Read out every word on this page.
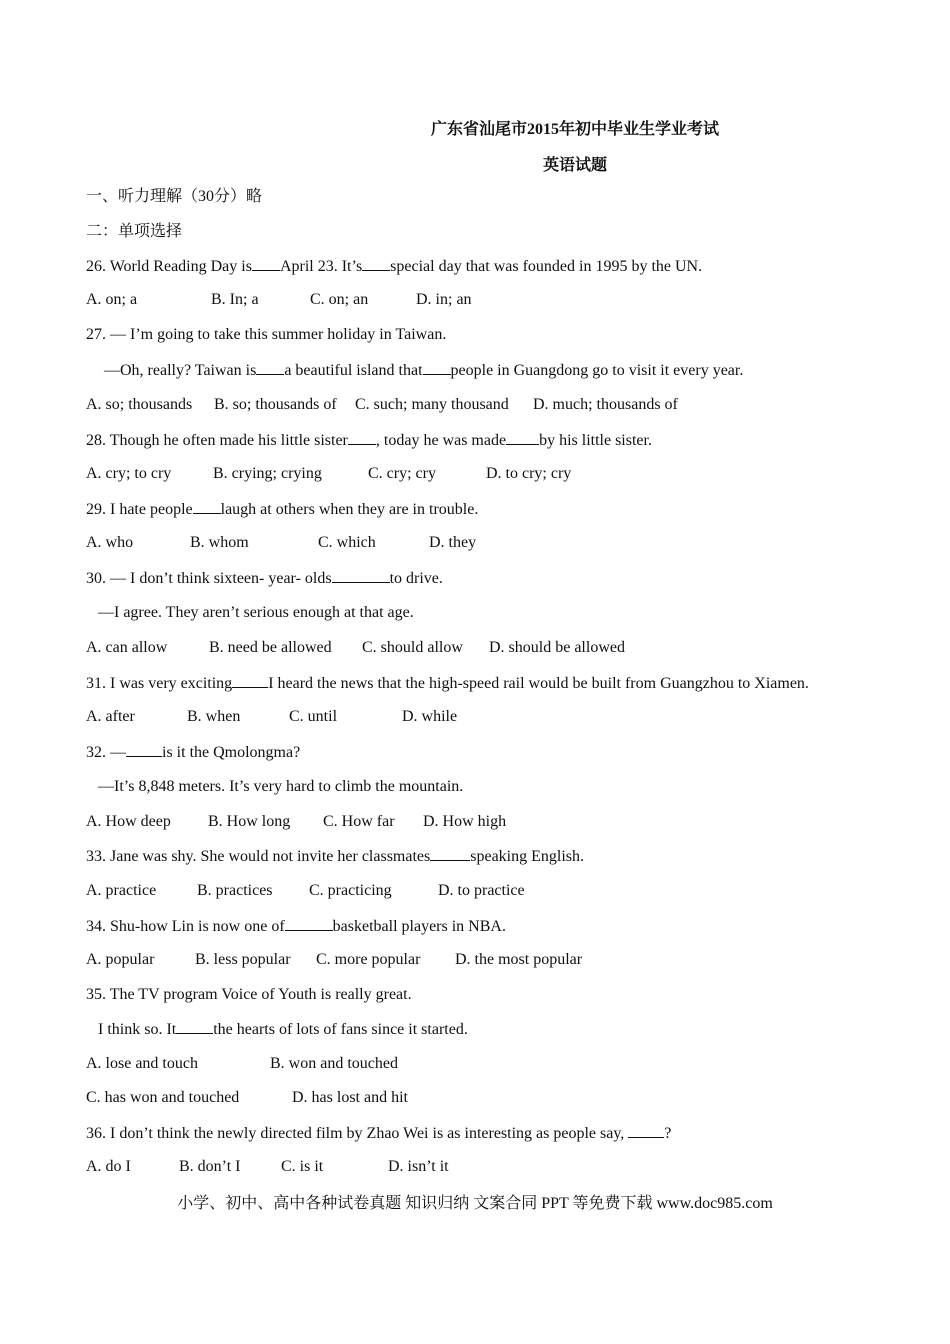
广东省汕尾市2015年初中毕业生学业考试

英语试题

一、听力理解（30分）略

二：单项选择

26. World Reading Day is April 23. It’s special day that was founded in 1995 by the UN.

A. on; a	B. In; a	C. on; an	D. in; an

27. — I’m going to take this summer holiday in Taiwan.

—Oh, really? Taiwan is a beautiful island that people in Guangdong go to visit it every year.

A. so; thousands B. so; thousands of C. such; many thousand D. much; thousands of

28. Though he often made his little sister , today he was made by his little sister.

A. cry; to cry	B. crying; crying	C. cry; cry	D. to cry; cry

29. I hate people laugh at others when they are in trouble.

A. who	B. whom	C. which	D. they

30. — I don’t think sixteen- year- olds	to drive.

—I agree. They aren’t serious enough at that age.

A. can allow	B. need be allowed C. should allow D. should be allowed

31. I was very exciting I heard the news that the high-speed rail would be built from Guangzhou to Xiamen.

A. after	B. when	C. until	D. while

32. — is it the Qmolongma?

—It’s 8,848 meters. It’s very hard to climb the mountain.

A. How deep B. How long C. How far D. How high

33. Jane was shy. She would not invite her classmates	speaking English.

A. practice	B. practices C. practicing	D. to practice

34. Shu-how Lin is now one of	basketball players in NBA.

A. popular	B. less popular C. more popular D. the most popular

35. The TV program Voice of Youth is really great.

I think so. It the hearts of lots of fans since it started.

A. lose and touch	B. won and touched

C. has won and touched	D. has lost and hit

36. I don’t think the newly directed film by Zhao Wei is as interesting as people say,	?

A. do I	B. don’t I	C. is it	D. isn’t it

小学、初中、高中各种试卷真题 知识归纳 文案合同 PPT 等免费下载 www.doc985.com
